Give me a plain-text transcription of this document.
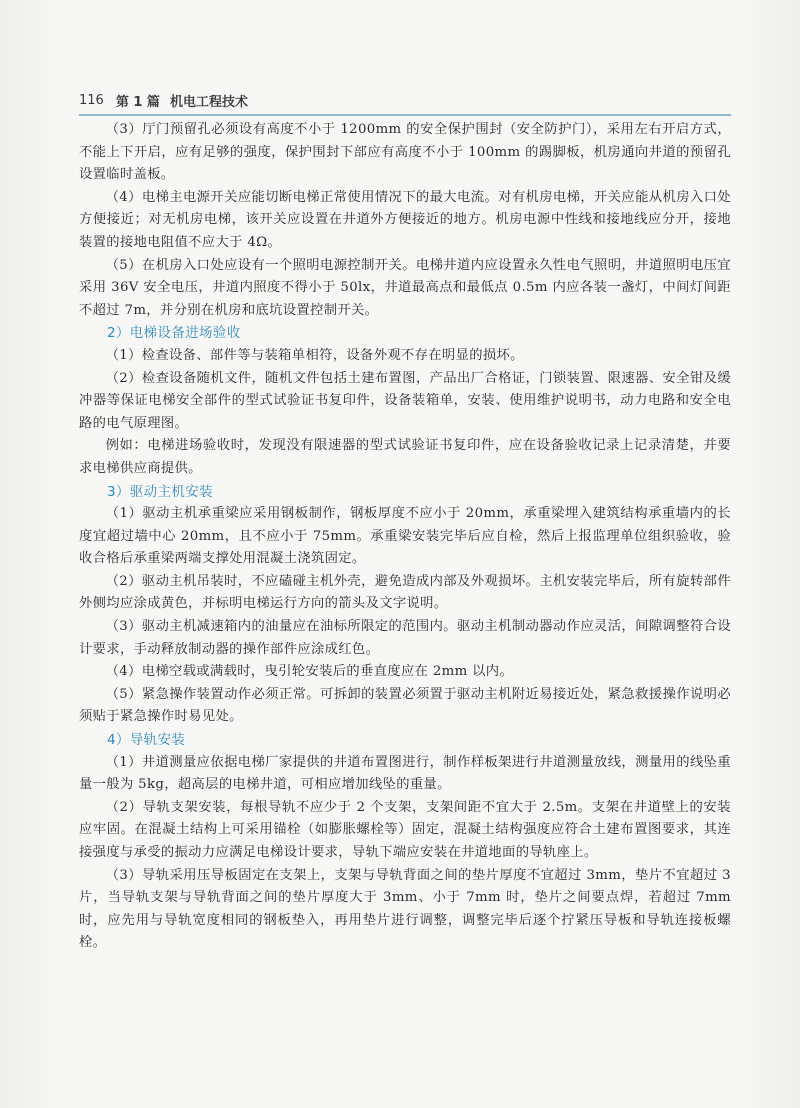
116 第 1 篇 机电工程技术

（3）厅门预留孔必须设有高度不小于 1200mm 的安全保护围封（安全防护门），采用左右开启方式，不能上下开启，应有足够的强度，保护围封下部应有高度不小于 100mm 的踢脚板，机房通向井道的预留孔设置临时盖板。

（4）电梯主电源开关应能切断电梯正常使用情况下的最大电流。对有机房电梯，开关应能从机房入口处方便接近；对无机房电梯，该开关应设置在井道外方便接近的地方。机房电源中性线和接地线应分开，接地装置的接地电阻值不应大于 4Ω。

（5）在机房入口处应设有一个照明电源控制开关。电梯井道内应设置永久性电气照明，井道照明电压宜采用 36V 安全电压，井道内照度不得小于 50lx，井道最高点和最低点 0.5m 内应各装一盏灯，中间灯间距不超过 7m，并分别在机房和底坑设置控制开关。

2）电梯设备进场验收

（1）检查设备、部件等与装箱单相符，设备外观不存在明显的损坏。

（2）检查设备随机文件，随机文件包括土建布置图，产品出厂合格证，门锁装置、限速器、安全钳及缓冲器等保证电梯安全部件的型式试验证书复印件，设备装箱单，安装、使用维护说明书，动力电路和安全电路的电气原理图。

例如：电梯进场验收时，发现没有限速器的型式试验证书复印件，应在设备验收记录上记录清楚，并要求电梯供应商提供。

3）驱动主机安装

（1）驱动主机承重梁应采用钢板制作，钢板厚度不应小于 20mm，承重梁埋入建筑结构承重墙内的长度宜超过墙中心 20mm，且不应小于 75mm。承重梁安装完毕后应自检，然后上报监理单位组织验收，验收合格后承重梁两端支撑处用混凝土浇筑固定。

（2）驱动主机吊装时，不应磕碰主机外壳，避免造成内部及外观损坏。主机安装完毕后，所有旋转部件外侧均应涂成黄色，并标明电梯运行方向的箭头及文字说明。

（3）驱动主机减速箱内的油量应在油标所限定的范围内。驱动主机制动器动作应灵活，间隙调整符合设计要求，手动释放制动器的操作部件应涂成红色。

（4）电梯空载或满载时，曳引轮安装后的垂直度应在 2mm 以内。

（5）紧急操作装置动作必须正常。可拆卸的装置必须置于驱动主机附近易接近处，紧急救援操作说明必须贴于紧急操作时易见处。

4）导轨安装

（1）井道测量应依据电梯厂家提供的井道布置图进行，制作样板架进行井道测量放线，测量用的线坠重量一般为 5kg，超高层的电梯井道，可相应增加线坠的重量。

（2）导轨支架安装，每根导轨不应少于 2 个支架，支架间距不宜大于 2.5m。支架在井道壁上的安装应牢固。在混凝土结构上可采用锚栓（如膨胀螺栓等）固定，混凝土结构强度应符合土建布置图要求，其连接强度与承受的振动力应满足电梯设计要求，导轨下端应安装在井道地面的导轨座上。

（3）导轨采用压导板固定在支架上，支架与导轨背面之间的垫片厚度不宜超过 3mm，垫片不宜超过 3 片，当导轨支架与导轨背面之间的垫片厚度大于 3mm、小于 7mm 时，垫片之间要点焊，若超过 7mm 时，应先用与导轨宽度相同的钢板垫入，再用垫片进行调整，调整完毕后逐个拧紧压导板和导轨连接板螺栓。
